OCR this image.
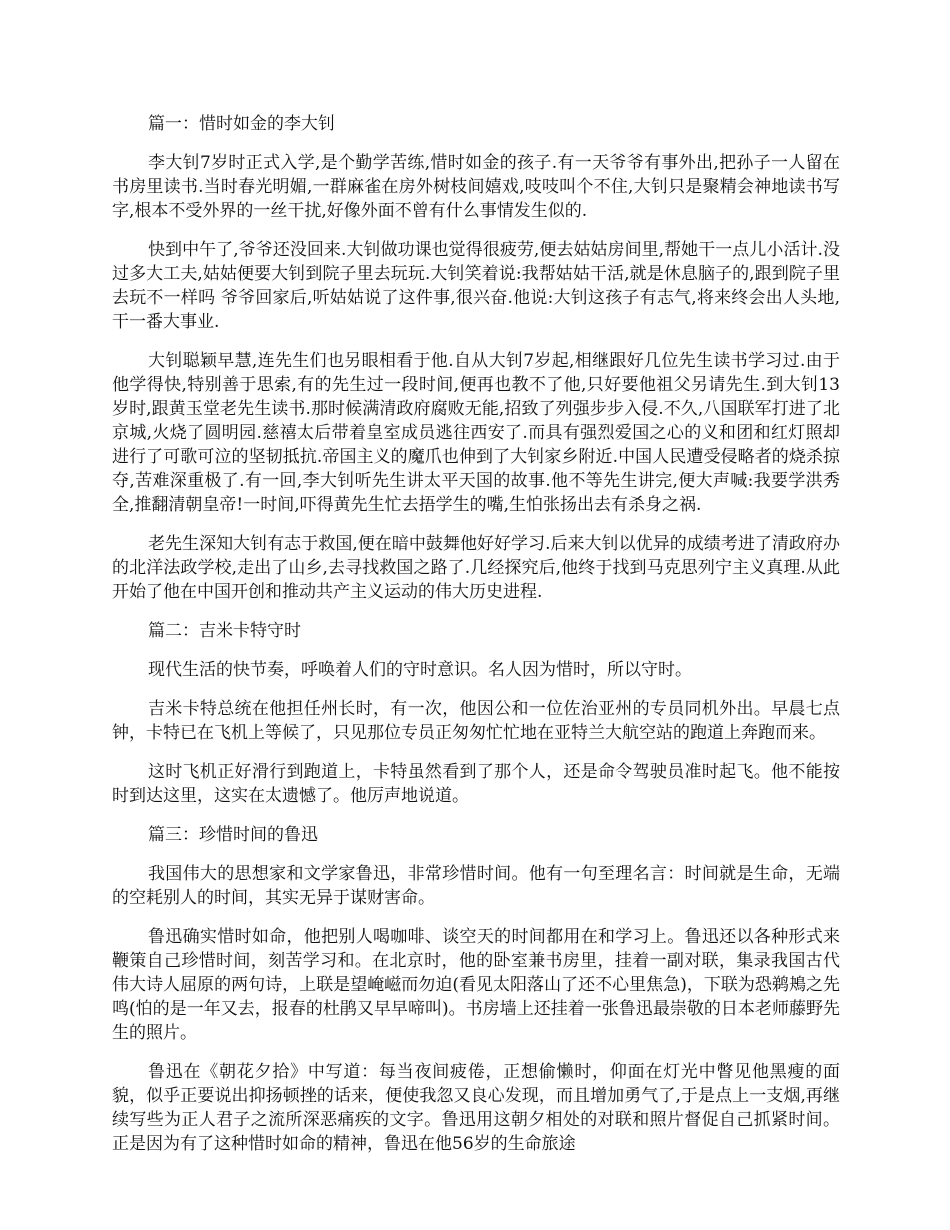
篇一：惜时如金的李大钊

李大钊7岁时正式入学,是个勤学苦练,惜时如金的孩子.有一天爷爷有事外出,把孙子一人留在书房里读书.当时春光明媚,一群麻雀在房外树枝间嬉戏,吱吱叫个不住,大钊只是聚精会神地读书写字,根本不受外界的一丝干扰,好像外面不曾有什么事情发生似的.

快到中午了,爷爷还没回来.大钊做功课也觉得很疲劳,便去姑姑房间里,帮她干一点儿小活计.没过多大工夫,姑姑便要大钊到院子里去玩玩.大钊笑着说:我帮姑姑干活,就是休息脑子的,跟到院子里去玩不一样吗 爷爷回家后,听姑姑说了这件事,很兴奋.他说:大钊这孩子有志气,将来终会出人头地,干一番大事业.

大钊聪颖早慧,连先生们也另眼相看于他.自从大钊7岁起,相继跟好几位先生读书学习过.由于他学得快,特别善于思索,有的先生过一段时间,便再也教不了他,只好要他祖父另请先生.到大钊13岁时,跟黄玉堂老先生读书.那时候满清政府腐败无能,招致了列强步步入侵.不久,八国联军打进了北京城,火烧了圆明园.慈禧太后带着皇室成员逃往西安了.而具有强烈爱国之心的义和团和红灯照却进行了可歌可泣的坚韧抵抗.帝国主义的魔爪也伸到了大钊家乡附近.中国人民遭受侵略者的烧杀掠夺,苦难深重极了.有一回,李大钊听先生讲太平天国的故事.他不等先生讲完,便大声喊:我要学洪秀全,推翻清朝皇帝!一时间,吓得黄先生忙去捂学生的嘴,生怕张扬出去有杀身之祸.

老先生深知大钊有志于救国,便在暗中鼓舞他好好学习.后来大钊以优异的成绩考进了清政府办的北洋法政学校,走出了山乡,去寻找救国之路了.几经探究后,他终于找到马克思列宁主义真理.从此开始了他在中国开创和推动共产主义运动的伟大历史进程.

篇二：吉米卡特守时

现代生活的快节奏，呼唤着人们的守时意识。名人因为惜时，所以守时。

吉米卡特总统在他担任州长时，有一次，他因公和一位佐治亚州的专员同机外出。早晨七点钟，卡特已在飞机上等候了，只见那位专员正匆匆忙忙地在亚特兰大航空站的跑道上奔跑而来。

这时飞机正好滑行到跑道上，卡特虽然看到了那个人，还是命令驾驶员准时起飞。他不能按时到达这里，这实在太遗憾了。他厉声地说道。

篇三：珍惜时间的鲁迅

我国伟大的思想家和文学家鲁迅，非常珍惜时间。他有一句至理名言：时间就是生命，无端的空耗别人的时间，其实无异于谋财害命。

鲁迅确实惜时如命，他把别人喝咖啡、谈空天的时间都用在和学习上。鲁迅还以各种形式来鞭策自己珍惜时间，刻苦学习和。在北京时，他的卧室兼书房里，挂着一副对联，集录我国古代伟大诗人屈原的两句诗，上联是望崦嵫而勿迫(看见太阳落山了还不心里焦急)，下联为恐鹈鴂之先鸣(怕的是一年又去，报春的杜鹃又早早啼叫)。书房墙上还挂着一张鲁迅最崇敬的日本老师藤野先生的照片。

鲁迅在《朝花夕拾》中写道：每当夜间疲倦，正想偷懒时，仰面在灯光中瞥见他黑瘦的面貌，似乎正要说出抑扬顿挫的话来，便使我忽又良心发现，而且增加勇气了,于是点上一支烟,再继续写些为正人君子之流所深恶痛疾的文字。鲁迅用这朝夕相处的对联和照片督促自己抓紧时间。 正是因为有了这种惜时如命的精神，鲁迅在他56岁的生命旅途
